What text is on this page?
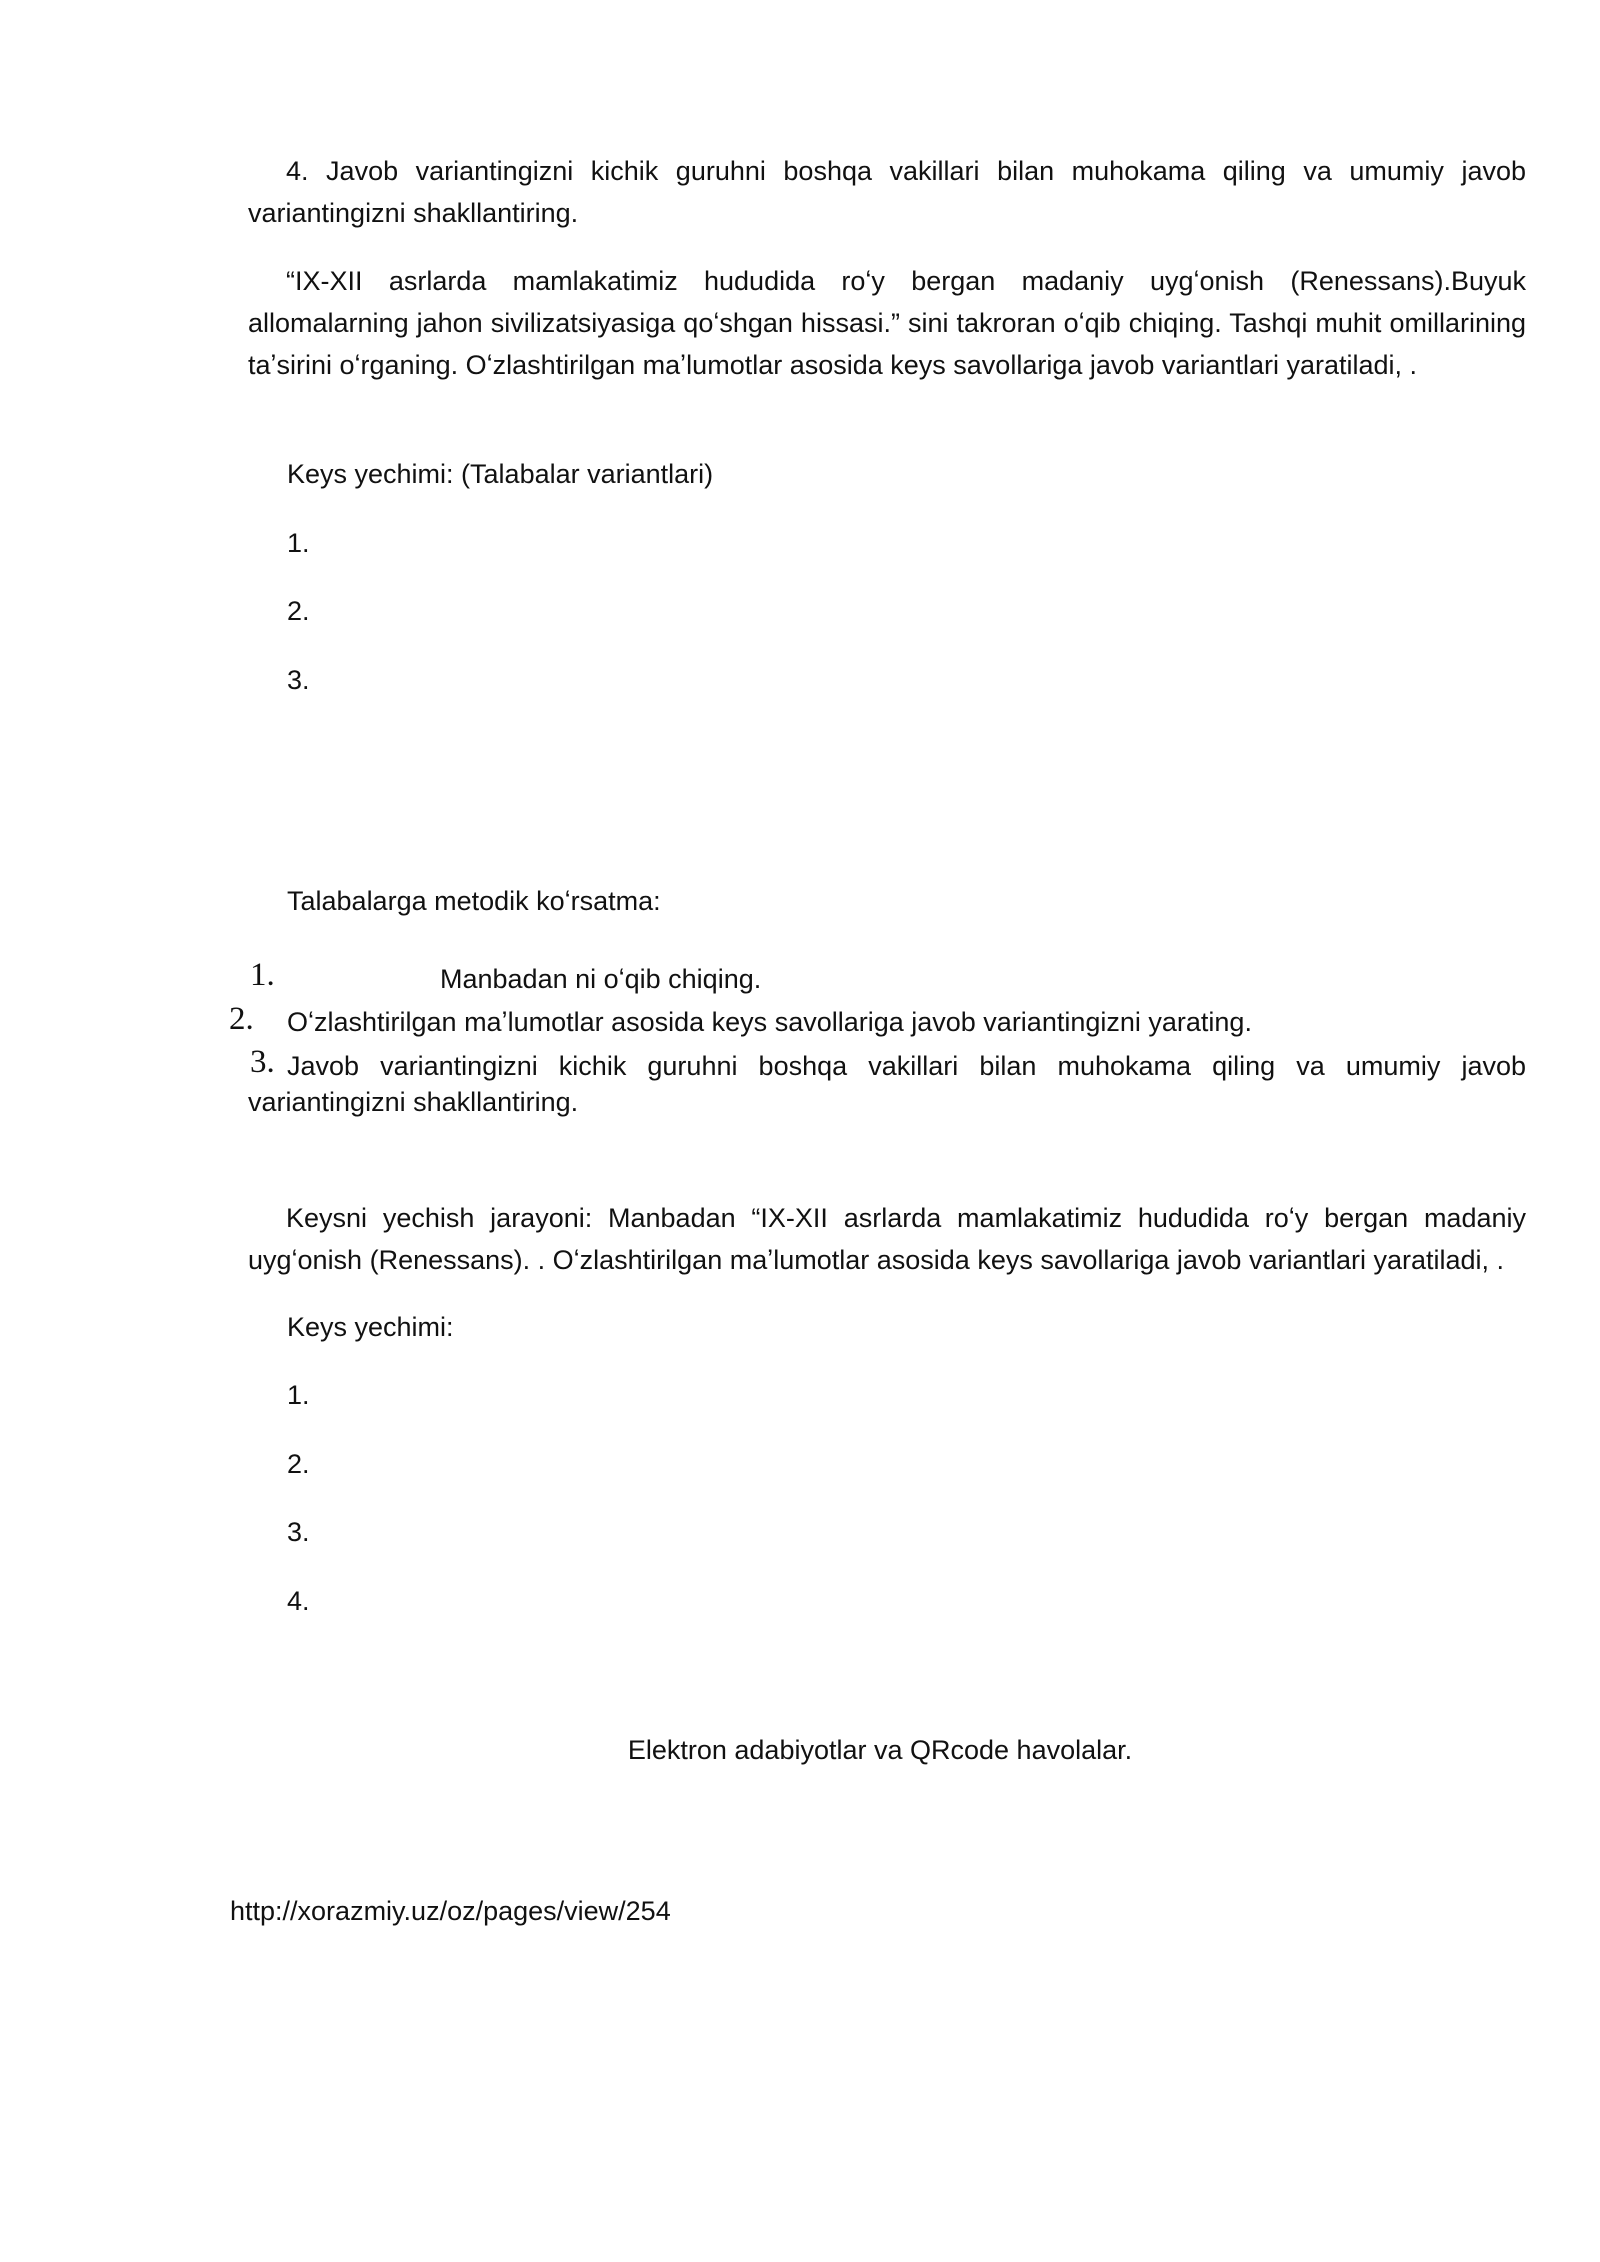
4. Javob variantingizni kichik guruhni boshqa vakillari bilan muhokama qiling va umumiy javob variantingizni shakllantiring.

“IX-XII asrlarda mamlakatimiz hududida roʻy bergan madaniy uygʻonish (Renessans).Buyuk allomalarning jahon sivilizatsiyasiga qoʻshgan hissasi.” sini takroran oʻqib chiqing. Tashqi muhit omillarining taʼsirini oʻrganing. Oʻzlashtirilgan maʼlumotlar asosida keys savollariga javob variantlari yaratiladi, .

Keys yechimi: (Talabalar variantlari)
1.
2.
3.
Talabalarga metodik koʻrsatma:
1.	Manbadan ni oʻqib chiqing.
2. Oʻzlashtirilgan maʼlumotlar asosida keys savollariga javob variantingizni yarating.
3. Javob variantingizni kichik guruhni boshqa vakillari bilan muhokama qiling va umumiy javob
variantingizni shakllantiring.

Keysni yechish jarayoni: Manbadan “IX-XII asrlarda mamlakatimiz hududida roʻy bergan madaniy uygʻonish (Renessans). . Oʻzlashtirilgan maʼlumotlar asosida keys savollariga javob variantlari yaratiladi, .

Keys yechimi:
1.
2.
3.
4.
Elektron adabiyotlar va QRcode havolalar.
http://xorazmiy.uz/oz/pages/view/254
